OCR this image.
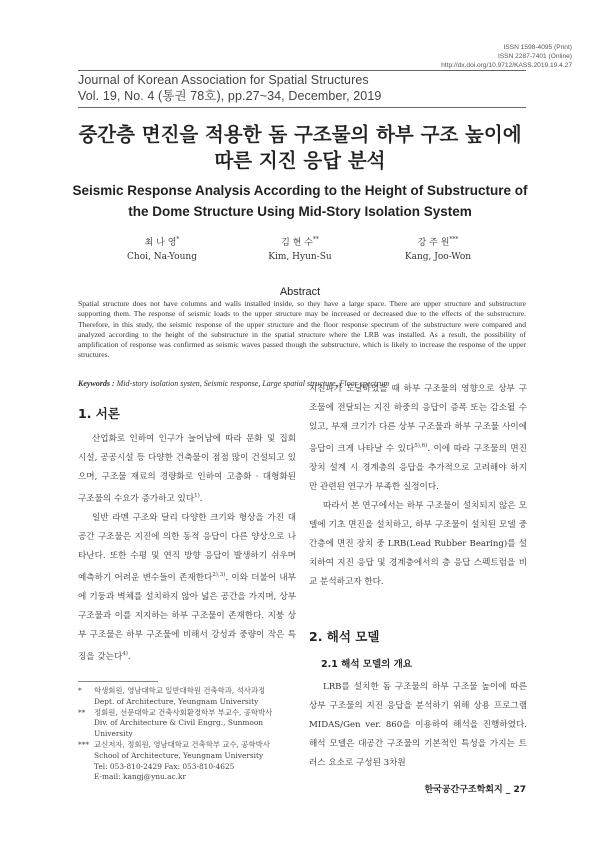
ISSN 1598-4095 (Print)
ISSN 2287-7401 (Online)
http://dx.doi.org/10.9712/KASS.2019.19.4.27
Journal of Korean Association for Spatial Structures
Vol. 19, No. 4 (통권 78호), pp.27~34, December, 2019
중간층 면진을 적용한 돔 구조물의 하부 구조 높이에
따른 지진 응답 분석
Seismic Response Analysis According to the Height of Substructure of
the Dome Structure Using Mid-Story Isolation System
최 나 영*
Choi, Na-Young
김 현 수**
Kim, Hyun-Su
강 주 원***
Kang, Joo-Won
Abstract
Spatial structure does not have columns and walls installed inside, so they have a large space. There are upper structure and substructure supporting them. The response of seismic loads to the upper structure may be increased or decreased due to the effects of the substructure. Therefore, in this study, the seismic response of the upper structure and the floor response spectrum of the substructure were compared and analyzed according to the height of the substructure in the spatial structure where the LRB was installed. As a result, the possibility of amplification of response was confirmed as seismic waves passed though the substructure, which is likely to increase the response of the upper structures.
Keywords : Mid-story isolation systen, Seismic response, Large spatial structure, Floor spectrum
1. 서론

산업화로 인하여 인구가 늘어남에 따라 문화 및 집회 시설, 공공시설 등 다양한 건축물이 점점 많이 건설되고 있으며, 구조물 재료의 경량화로 인하여 고층화 · 대형화된 구조물의 수요가 증가하고 있다$^{1)}$.

일반 라멘 구조와 달리 다양한 크기와 형상을 가진 대공간 구조물은 지진에 의한 동적 응답이 다른 양상으로 나타난다. 또한 수평 및 연직 방향 응답이 발생하기 쉬우며 예측하기 어려운 변수들이 존재한다$^{2),3)}$. 이와 더불어 내부에 기둥과 벽체를 설치하지 않아 넓은 공간을 가지며, 상부 구조물과 이를 지지하는 하부 구조물이 존재한다. 지붕 상부 구조물은 하부 구조물에 비해서 강성과 중량이 작은 특징을 갖는다$^{4)}$.

*	학생회원, 영남대학교 일반대학원 건축학과, 석사과정
Dept. of Architecture, Yeungnam University
**	정회원, 선문대학교 건축사회환경학부 부교수, 공학박사
Div. of Architecture & Civil Engrg., Sunmoon University
*** 교신저자, 정회원, 영남대학교 건축학부 교수, 공학박사
School of Architecture, Yeungnam University
Tel: 053-810-2429 Fax: 053-810-4625
E-mail: kangj@ynu.ac.kr

지진파가 도달하였을 때 하부 구조물의 영향으로 상부 구조물에 전달되는 지진 하중의 응답이 증폭 또는 감소될 수 있고, 부재 크기가 다른 상부 구조물과 하부 구조물 사이에 응답이 크게 나타날 수 있다$^{5),6)}$. 이에 따라 구조물의 면진 장치 설계 시 경계층의 응답을 추가적으로 고려해야 하지만 관련된 연구가 부족한 실정이다.

따라서 본 연구에서는 하부 구조물이 설치되지 않은 모델에 기초 면진을 설치하고, 하부 구조물이 설치된 모델 중간층에 면진 장치 중 LRB(Lead Rubber Bearing)를 설치하여 지진 응답 및 경계층에서의 층 응답 스펙트럼을 비교 분석하고자 한다.

2. 해석 모델
2.1 해석 모델의 개요

LRB를 설치한 돔 구조물의 하부 구조물 높이에 따른 상부 구조물의 지진 응답을 분석하기 위해 상용 프로그램 MIDAS/Gen ver. 860을 이용하여 해석을 진행하였다. 해석 모델은 대공간 구조물의 기본적인 특성을 가지는 트러스 요소로 구성된 3차원

한국공간구조학회지 _ 27
